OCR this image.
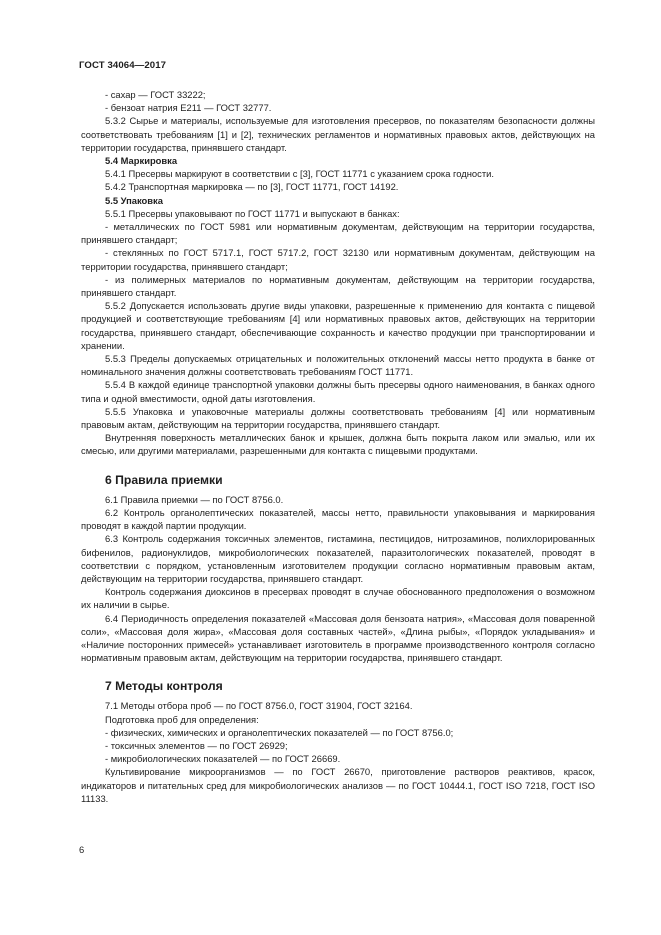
ГОСТ 34064—2017

- сахар — ГОСТ 33222;

- бензоат натрия Е211 — ГОСТ 32777.

5.3.2 Сырье и материалы, используемые для изготовления пресервов, по показателям безопасности должны соответствовать требованиям [1] и [2], технических регламентов и нормативных правовых актов, действующих на территории государства, принявшего стандарт.

5.4 Маркировка

5.4.1 Пресервы маркируют в соответствии с [3], ГОСТ 11771 с указанием срока годности.

5.4.2 Транспортная маркировка — по [3], ГОСТ 11771, ГОСТ 14192.

5.5 Упаковка

5.5.1 Пресервы упаковывают по ГОСТ 11771 и выпускают в банках:

- металлических по ГОСТ 5981 или нормативным документам, действующим на территории государства, принявшего стандарт;

- стеклянных по ГОСТ 5717.1, ГОСТ 5717.2, ГОСТ 32130 или нормативным документам, действующим на территории государства, принявшего стандарт;

- из полимерных материалов по нормативным документам, действующим на территории государства, принявшего стандарт.

5.5.2 Допускается использовать другие виды упаковки, разрешенные к применению для контакта с пищевой продукцией и соответствующие требованиям [4] или нормативных правовых актов, действующих на территории государства, принявшего стандарт, обеспечивающие сохранность и качество продукции при транспортировании и хранении.

5.5.3 Пределы допускаемых отрицательных и положительных отклонений массы нетто продукта в банке от номинального значения должны соответствовать требованиям ГОСТ 11771.

5.5.4 В каждой единице транспортной упаковки должны быть пресервы одного наименования, в банках одного типа и одной вместимости, одной даты изготовления.

5.5.5 Упаковка и упаковочные материалы должны соответствовать требованиям [4] или нормативным правовым актам, действующим на территории государства, принявшего стандарт.

Внутренняя поверхность металлических банок и крышек, должна быть покрыта лаком или эмалью, или их смесью, или другими материалами, разрешенными для контакта с пищевыми продуктами.

6 Правила приемки

6.1 Правила приемки — по ГОСТ 8756.0.

6.2 Контроль органолептических показателей, массы нетто, правильности упаковывания и маркирования проводят в каждой партии продукции.

6.3 Контроль содержания токсичных элементов, гистамина, пестицидов, нитрозаминов, полихлорированных бифенилов, радионуклидов, микробиологических показателей, паразитологических показателей, проводят в соответствии с порядком, установленным изготовителем продукции согласно нормативным правовым актам, действующим на территории государства, принявшего стандарт.

Контроль содержания диоксинов в пресервах проводят в случае обоснованного предположения о возможном их наличии в сырье.

6.4 Периодичность определения показателей «Массовая доля бензоата натрия», «Массовая доля поваренной соли», «Массовая доля жира», «Массовая доля составных частей», «Длина рыбы», «Порядок укладывания» и «Наличие посторонних примесей» устанавливает изготовитель в программе производственного контроля согласно нормативным правовым актам, действующим на территории государства, принявшего стандарт.

7 Методы контроля

7.1 Методы отбора проб — по ГОСТ 8756.0, ГОСТ 31904, ГОСТ 32164.

Подготовка проб для определения:

- физических, химических и органолептических показателей — по ГОСТ 8756.0;

- токсичных элементов — по ГОСТ 26929;

- микробиологических показателей — по ГОСТ 26669.

Культивирование микроорганизмов — по ГОСТ 26670, приготовление растворов реактивов, красок, индикаторов и питательных сред для микробиологических анализов — по ГОСТ 10444.1, ГОСТ ISO 7218, ГОСТ ISO 11133.

6
